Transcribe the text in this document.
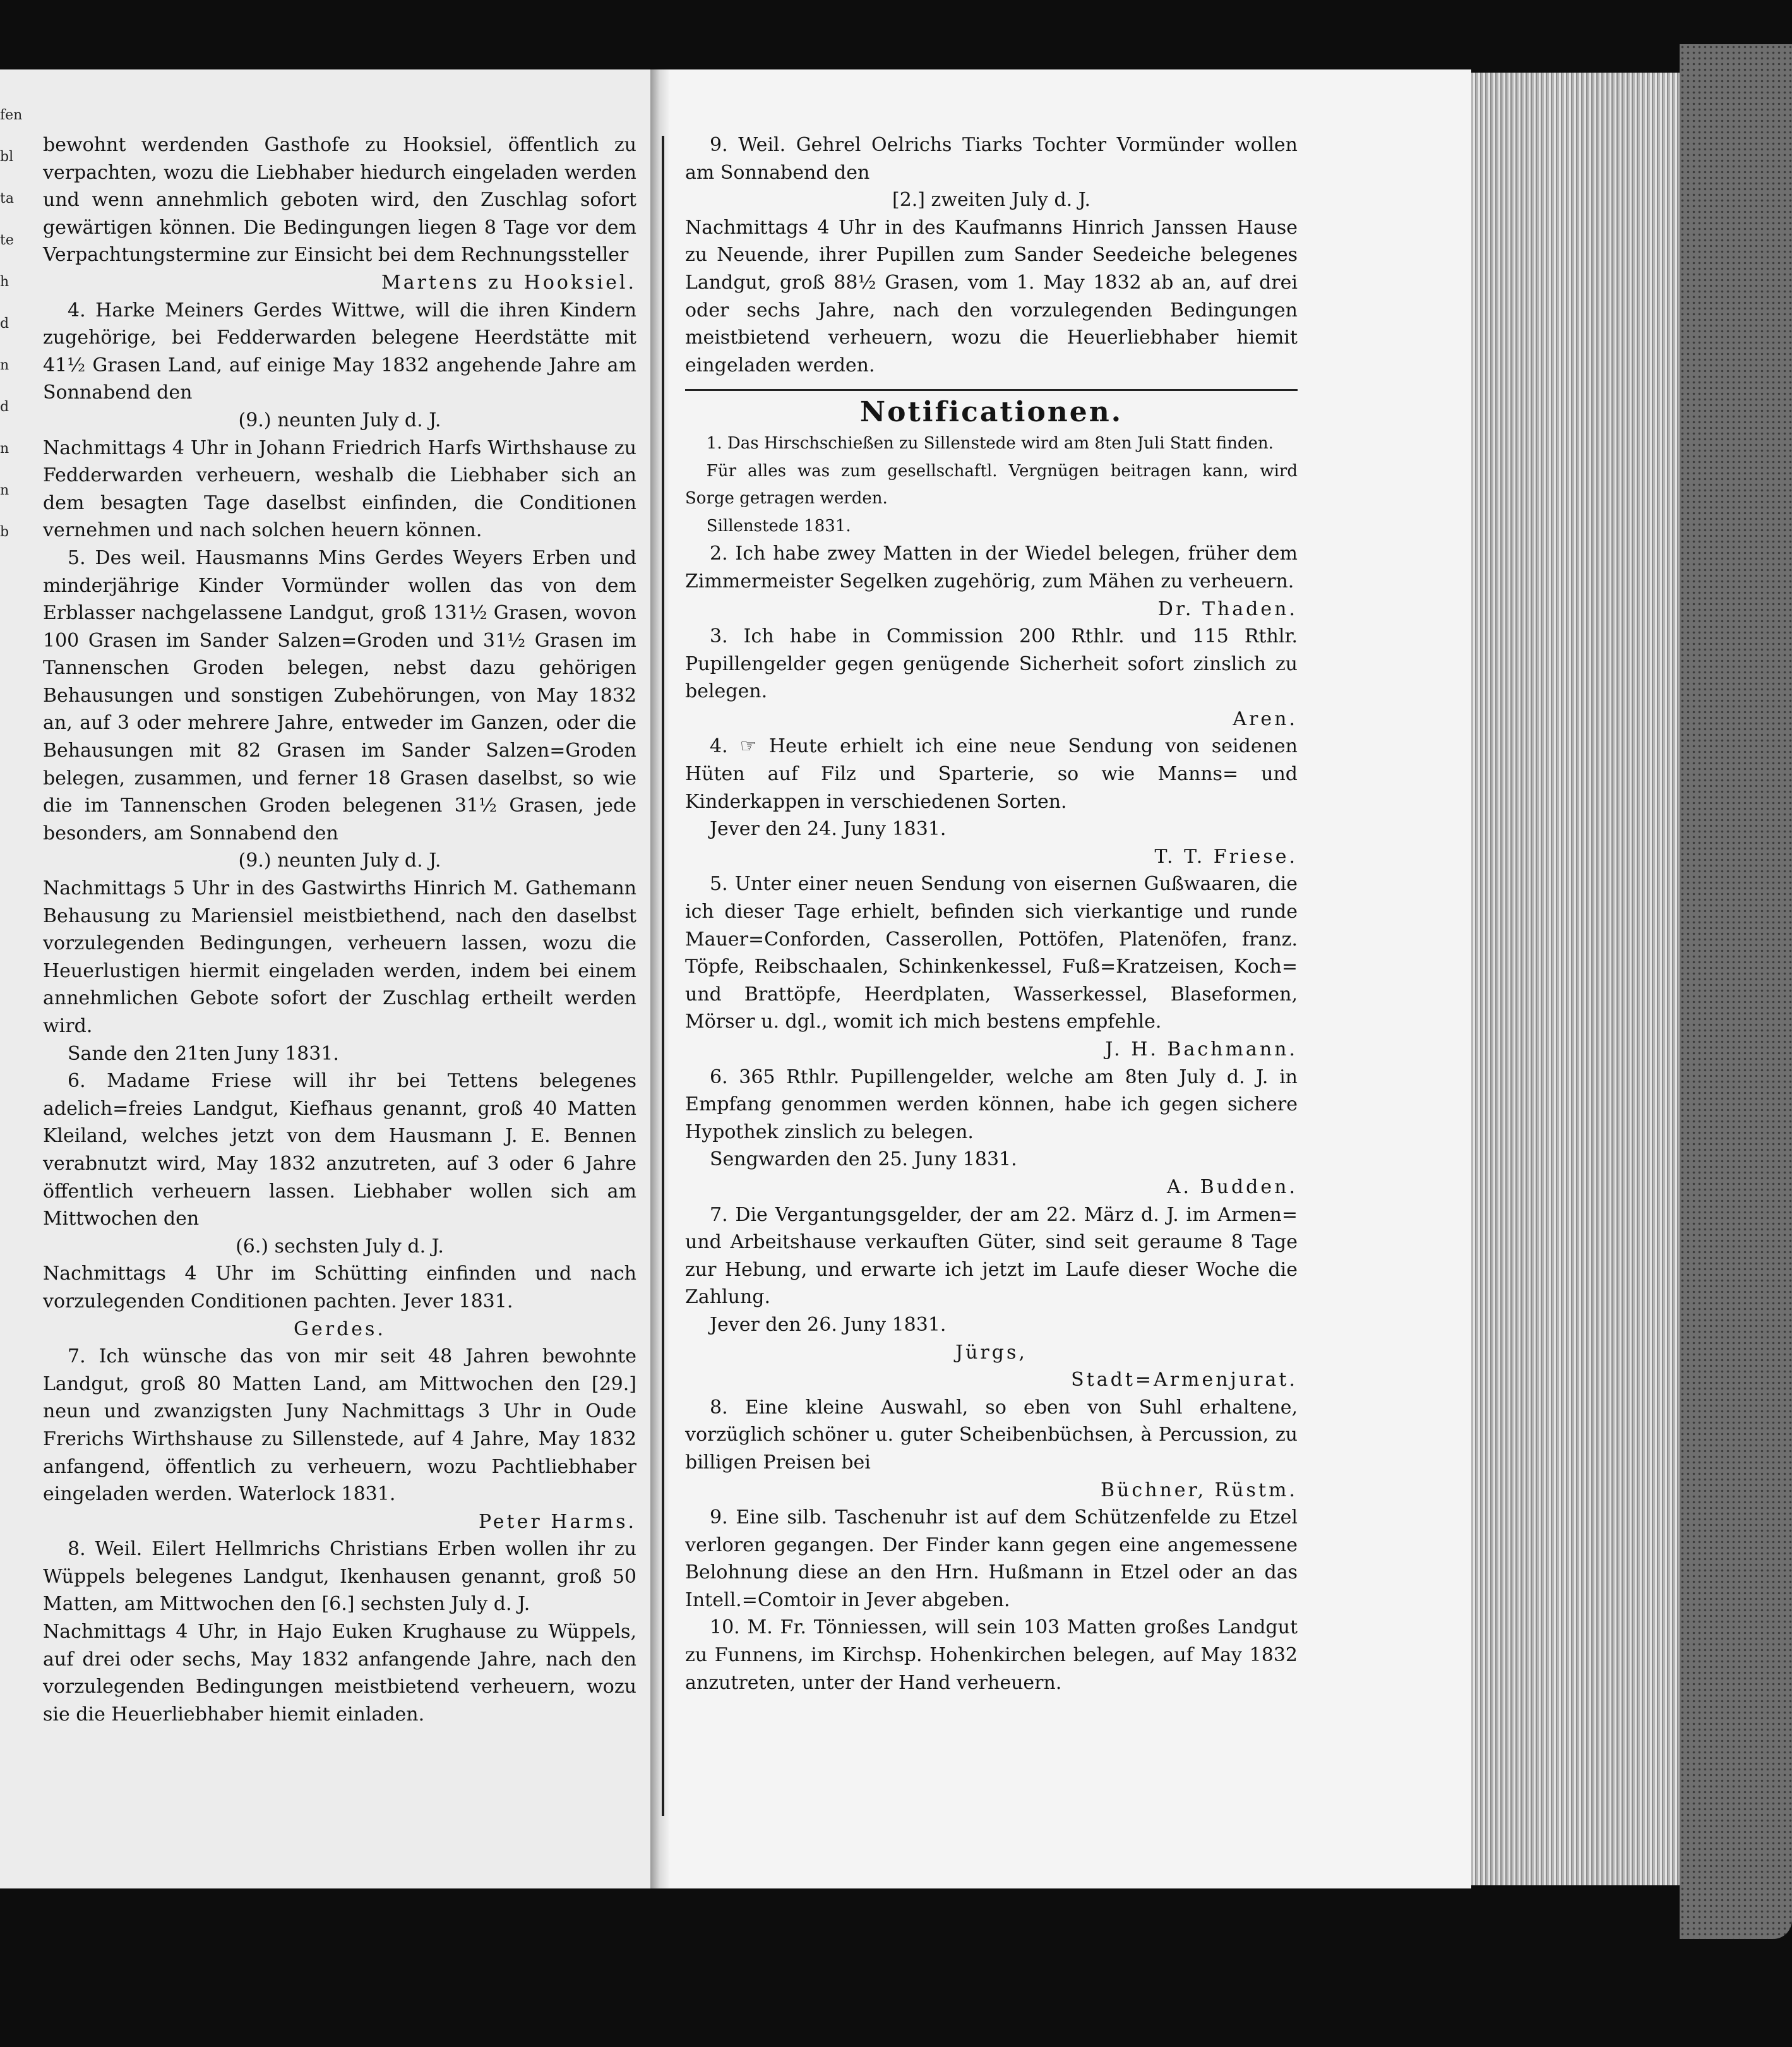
fen
bl
ta
te
h
d
n
d
n
n
b

bewohnt werdenden Gasthofe zu Hooksiel, öffentlich zu verpachten, wozu die Liebhaber hiedurch eingeladen werden und wenn annehmlich geboten wird, den Zuschlag sofort gewärtigen können. Die Bedingungen liegen 8 Tage vor dem Verpachtungstermine zur Einsicht bei dem Rechnungssteller

Martens zu Hooksiel.

4. Harke Meiners Gerdes Wittwe, will die ihren Kindern zugehörige, bei Fedderwarden belegene Heerdstätte mit 41½ Grasen Land, auf einige May 1832 angehende Jahre am Sonnabend den

(9.) neunten July d. J.

Nachmittags 4 Uhr in Johann Friedrich Harfs Wirthshause zu Fedderwarden verheuern, weshalb die Liebhaber sich an dem besagten Tage daselbst einfinden, die Conditionen vernehmen und nach solchen heuern können.

5. Des weil. Hausmanns Mins Gerdes Weyers Erben und minderjährige Kinder Vormünder wollen das von dem Erblasser nachgelassene Landgut, groß 131½ Grasen, wovon 100 Grasen im Sander Salzen=Groden und 31½ Grasen im Tannenschen Groden belegen, nebst dazu gehörigen Behausungen und sonstigen Zubehörungen, von May 1832 an, auf 3 oder mehrere Jahre, entweder im Ganzen, oder die Behausungen mit 82 Grasen im Sander Salzen=Groden belegen, zusammen, und ferner 18 Grasen daselbst, so wie die im Tannenschen Groden belegenen 31½ Grasen, jede besonders, am Sonnabend den

(9.) neunten July d. J.

Nachmittags 5 Uhr in des Gastwirths Hinrich M. Gathemann Behausung zu Mariensiel meistbiethend, nach den daselbst vorzulegenden Bedingungen, verheuern lassen, wozu die Heuerlustigen hiermit eingeladen werden, indem bei einem annehmlichen Gebote sofort der Zuschlag ertheilt werden wird.

Sande den 21ten Juny 1831.

6. Madame Friese will ihr bei Tettens belegenes adelich=freies Landgut, Kiefhaus genannt, groß 40 Matten Kleiland, welches jetzt von dem Hausmann J. E. Bennen verabnutzt wird, May 1832 anzutreten, auf 3 oder 6 Jahre öffentlich verheuern lassen. Liebhaber wollen sich am Mittwochen den

(6.) sechsten July d. J.

Nachmittags 4 Uhr im Schütting einfinden und nach vorzulegenden Conditionen pachten. Jever 1831.

Gerdes.

7. Ich wünsche das von mir seit 48 Jahren bewohnte Landgut, groß 80 Matten Land, am Mittwochen den [29.] neun und zwanzigsten Juny Nachmittags 3 Uhr in Oude Frerichs Wirthshause zu Sillenstede, auf 4 Jahre, May 1832 anfangend, öffentlich zu verheuern, wozu Pachtliebhaber eingeladen werden. Waterlock 1831.

Peter Harms.

8. Weil. Eilert Hellmrichs Christians Erben wollen ihr zu Wüppels belegenes Landgut, Ikenhausen genannt, groß 50 Matten, am Mittwochen den [6.] sechsten July d. J.

Nachmittags 4 Uhr, in Hajo Euken Krughause zu Wüppels, auf drei oder sechs, May 1832 anfangende Jahre, nach den vorzulegenden Bedingungen meistbietend verheuern, wozu sie die Heuerliebhaber hiemit einladen.

9. Weil. Gehrel Oelrichs Tiarks Tochter Vormünder wollen am Sonnabend den

[2.] zweiten July d. J.

Nachmittags 4 Uhr in des Kaufmanns Hinrich Janssen Hause zu Neuende, ihrer Pupillen zum Sander Seedeiche belegenes Landgut, groß 88½ Grasen, vom 1. May 1832 ab an, auf drei oder sechs Jahre, nach den vorzulegenden Bedingungen meistbietend verheuern, wozu die Heuerliebhaber hiemit eingeladen werden.

Notificationen.

1. Das Hirschschießen zu Sillenstede wird am 8ten Juli Statt finden.

Für alles was zum gesellschaftl. Vergnügen beitragen kann, wird Sorge getragen werden.

Sillenstede 1831.

2. Ich habe zwey Matten in der Wiedel belegen, früher dem Zimmermeister Segelken zugehörig, zum Mähen zu verheuern.

Dr. Thaden.

3. Ich habe in Commission 200 Rthlr. und 115 Rthlr. Pupillengelder gegen genügende Sicherheit sofort zinslich zu belegen.

Aren.

4. ☞ Heute erhielt ich eine neue Sendung von seidenen Hüten auf Filz und Sparterie, so wie Manns= und Kinderkappen in verschiedenen Sorten.

Jever den 24. Juny 1831.

T. T. Friese.

5. Unter einer neuen Sendung von eisernen Gußwaaren, die ich dieser Tage erhielt, befinden sich vierkantige und runde Mauer=Conforden, Casserollen, Pottöfen, Platenöfen, franz. Töpfe, Reibschaalen, Schinkenkessel, Fuß=Kratzeisen, Koch= und Brattöpfe, Heerdplaten, Wasserkessel, Blaseformen, Mörser u. dgl., womit ich mich bestens empfehle.

J. H. Bachmann.

6. 365 Rthlr. Pupillengelder, welche am 8ten July d. J. in Empfang genommen werden können, habe ich gegen sichere Hypothek zinslich zu belegen.

Sengwarden den 25. Juny 1831.

A. Budden.

7. Die Vergantungsgelder, der am 22. März d. J. im Armen= und Arbeitshause verkauften Güter, sind seit geraume 8 Tage zur Hebung, und erwarte ich jetzt im Laufe dieser Woche die Zahlung.

Jever den 26. Juny 1831.

Jürgs,

Stadt=Armenjurat.

8. Eine kleine Auswahl, so eben von Suhl erhaltene, vorzüglich schöner u. guter Scheibenbüchsen, à Percussion, zu billigen Preisen bei

Büchner, Rüstm.

9. Eine silb. Taschenuhr ist auf dem Schützenfelde zu Etzel verloren gegangen. Der Finder kann gegen eine angemessene Belohnung diese an den Hrn. Hußmann in Etzel oder an das Intell.=Comtoir in Jever abgeben.

10. M. Fr. Tönniessen, will sein 103 Matten großes Landgut zu Funnens, im Kirchsp. Hohenkirchen belegen, auf May 1832 anzutreten, unter der Hand verheuern.
